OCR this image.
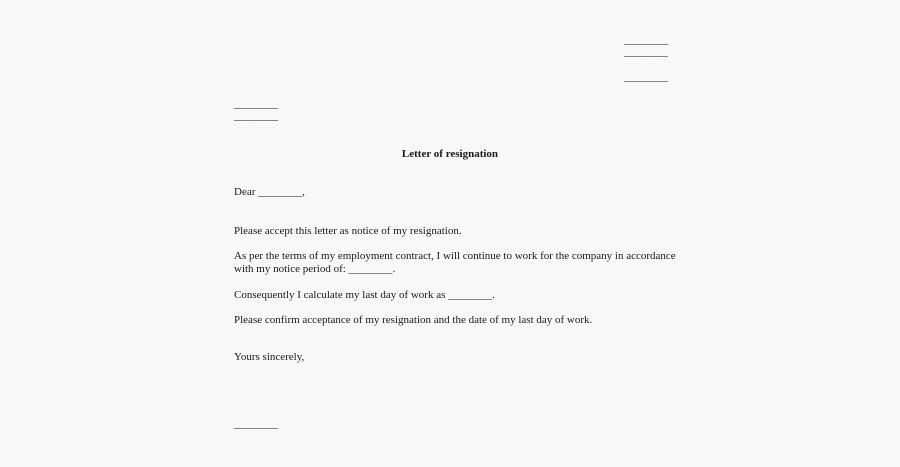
________
________
________
________
________
Letter of resignation
Dear ________,
Please accept this letter as notice of my resignation.
As per the terms of my employment contract, I will continue to work for the company in accordance
with my notice period of: ________.
Consequently I calculate my last day of work as ________.
Please confirm acceptance of my resignation and the date of my last day of work.
Yours sincerely,
________
